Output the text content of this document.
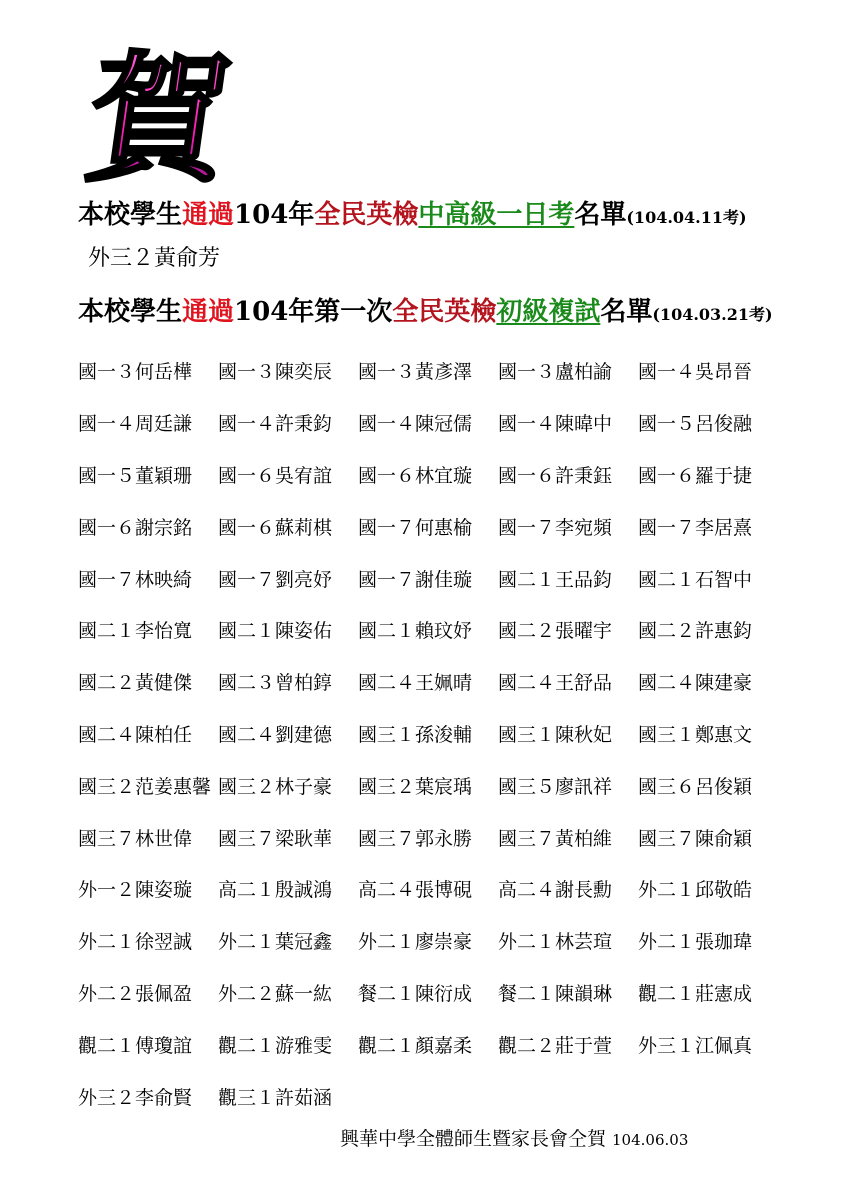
賀
本校學生通過104年全民英檢中高級一日考名單(104.04.11考)
外三２黃俞芳
本校學生通過104年第一次全民英檢初級複試名單(104.03.21考)
國一３何岳樺	國一３陳奕辰	國一３黃彥澤	國一３盧柏諭	國一４吳昂晉
國一４周廷謙	國一４許秉鈞	國一４陳冠儒	國一４陳暐中	國一５呂俊融
國一５董穎珊	國一６吳宥誼	國一６林宜璇	國一６許秉鈺	國一６羅于捷
國一６謝宗銘	國一６蘇莉棋	國一７何惠榆	國一７李宛頻	國一７李居熹
國一７林映綺	國一７劉亮妤	國一７謝佳璇	國二１王品鈞	國二１石智中
國二１李怡寬	國二１陳姿佑	國二１賴玟妤	國二２張曜宇	國二２許惠鈞
國二２黃健傑	國二３曾柏錞	國二４王姵晴	國二４王舒品	國二４陳建豪
國二４陳柏任	國二４劉建德	國三１孫浚輔	國三１陳秋妃	國三１鄭惠文
國三２范姜惠馨 國三２林子豪	國三２葉宸瑀	國三５廖訊祥	國三６呂俊穎
國三７林世偉	國三７梁耿華	國三７郭永勝	國三７黃柏維	國三７陳俞穎
外一２陳姿璇	高二１殷誠鴻	高二４張博硯	高二４謝長勳	外二１邱敬皓
外二１徐翌誠	外二１葉冠鑫	外二１廖崇豪	外二１林芸瑄	外二１張珈瑋
外二２張佩盈	外二２蘇一紘	餐二１陳衍成	餐二１陳韻琳	觀二１莊憲成
觀二１傅瓊誼	觀二１游雅雯	觀二１顏嘉柔	觀二２莊于萱	外三１江佩真
外三２李俞賢	觀三１許茹涵
興華中學全體師生暨家長會仝賀 104.06.03
